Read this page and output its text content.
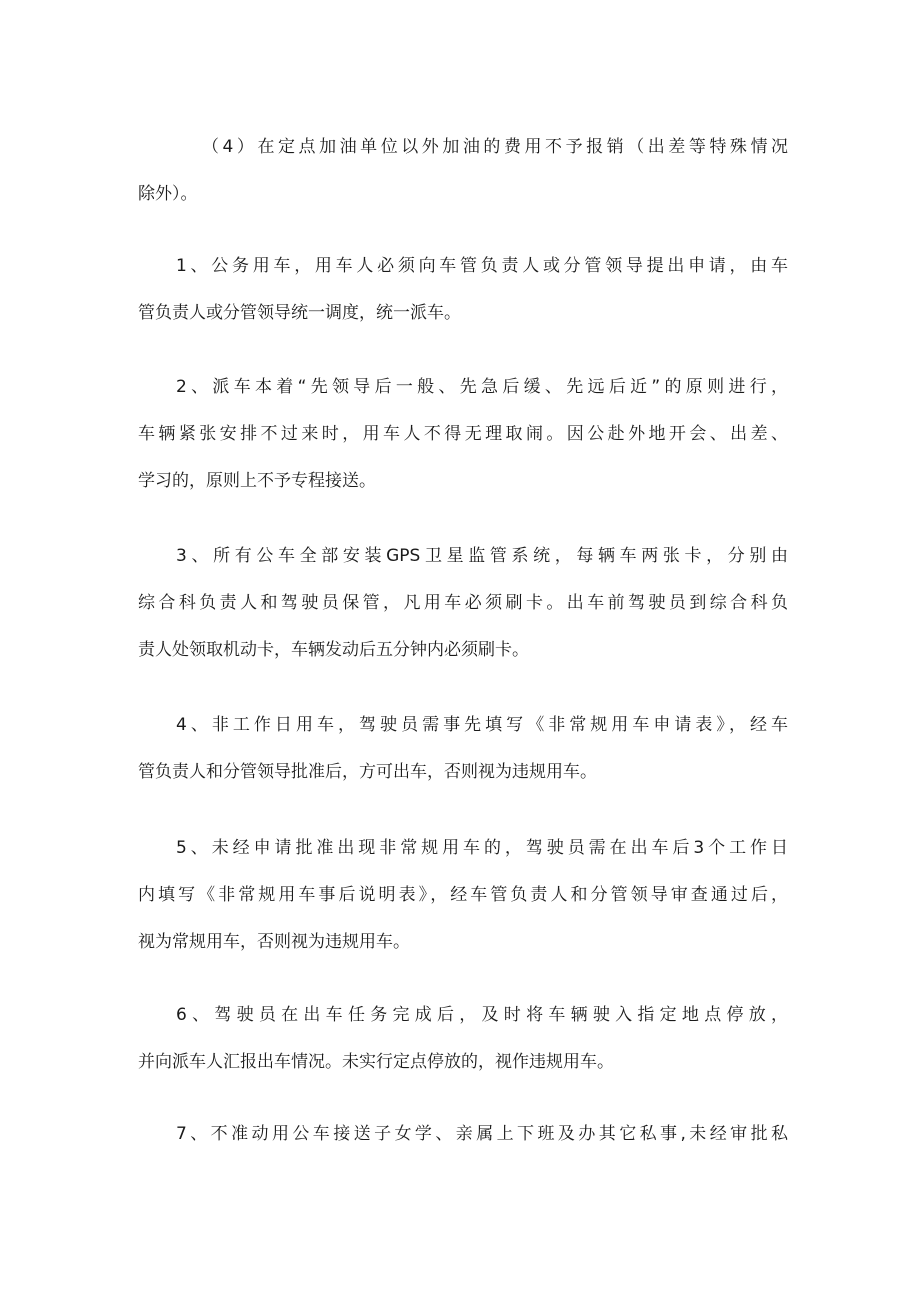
（4）在定点加油单位以外加油的费用不予报销（出差等特殊情况
除外）。
1、公务用车，用车人必须向车管负责人或分管领导提出申请，由车
管负责人或分管领导统一调度，统一派车。
2、派车本着“先领导后一般、先急后缓、先远后近”的原则进行，
车辆紧张安排不过来时，用车人不得无理取闹。因公赴外地开会、出差、
学习的，原则上不予专程接送。
3、所有公车全部安装GPS卫星监管系统，每辆车两张卡，分别由
综合科负责人和驾驶员保管，凡用车必须刷卡。出车前驾驶员到综合科负
责人处领取机动卡，车辆发动后五分钟内必须刷卡。
4、非工作日用车，驾驶员需事先填写《非常规用车申请表》，经车
管负责人和分管领导批准后，方可出车，否则视为违规用车。
5、未经申请批准出现非常规用车的，驾驶员需在出车后3个工作日
内填写《非常规用车事后说明表》，经车管负责人和分管领导审查通过后，
视为常规用车，否则视为违规用车。
6、驾驶员在出车任务完成后，及时将车辆驶入指定地点停放，
并向派车人汇报出车情况。未实行定点停放的，视作违规用车。
7、不准动用公车接送子女学、亲属上下班及办其它私事,未经审批私
